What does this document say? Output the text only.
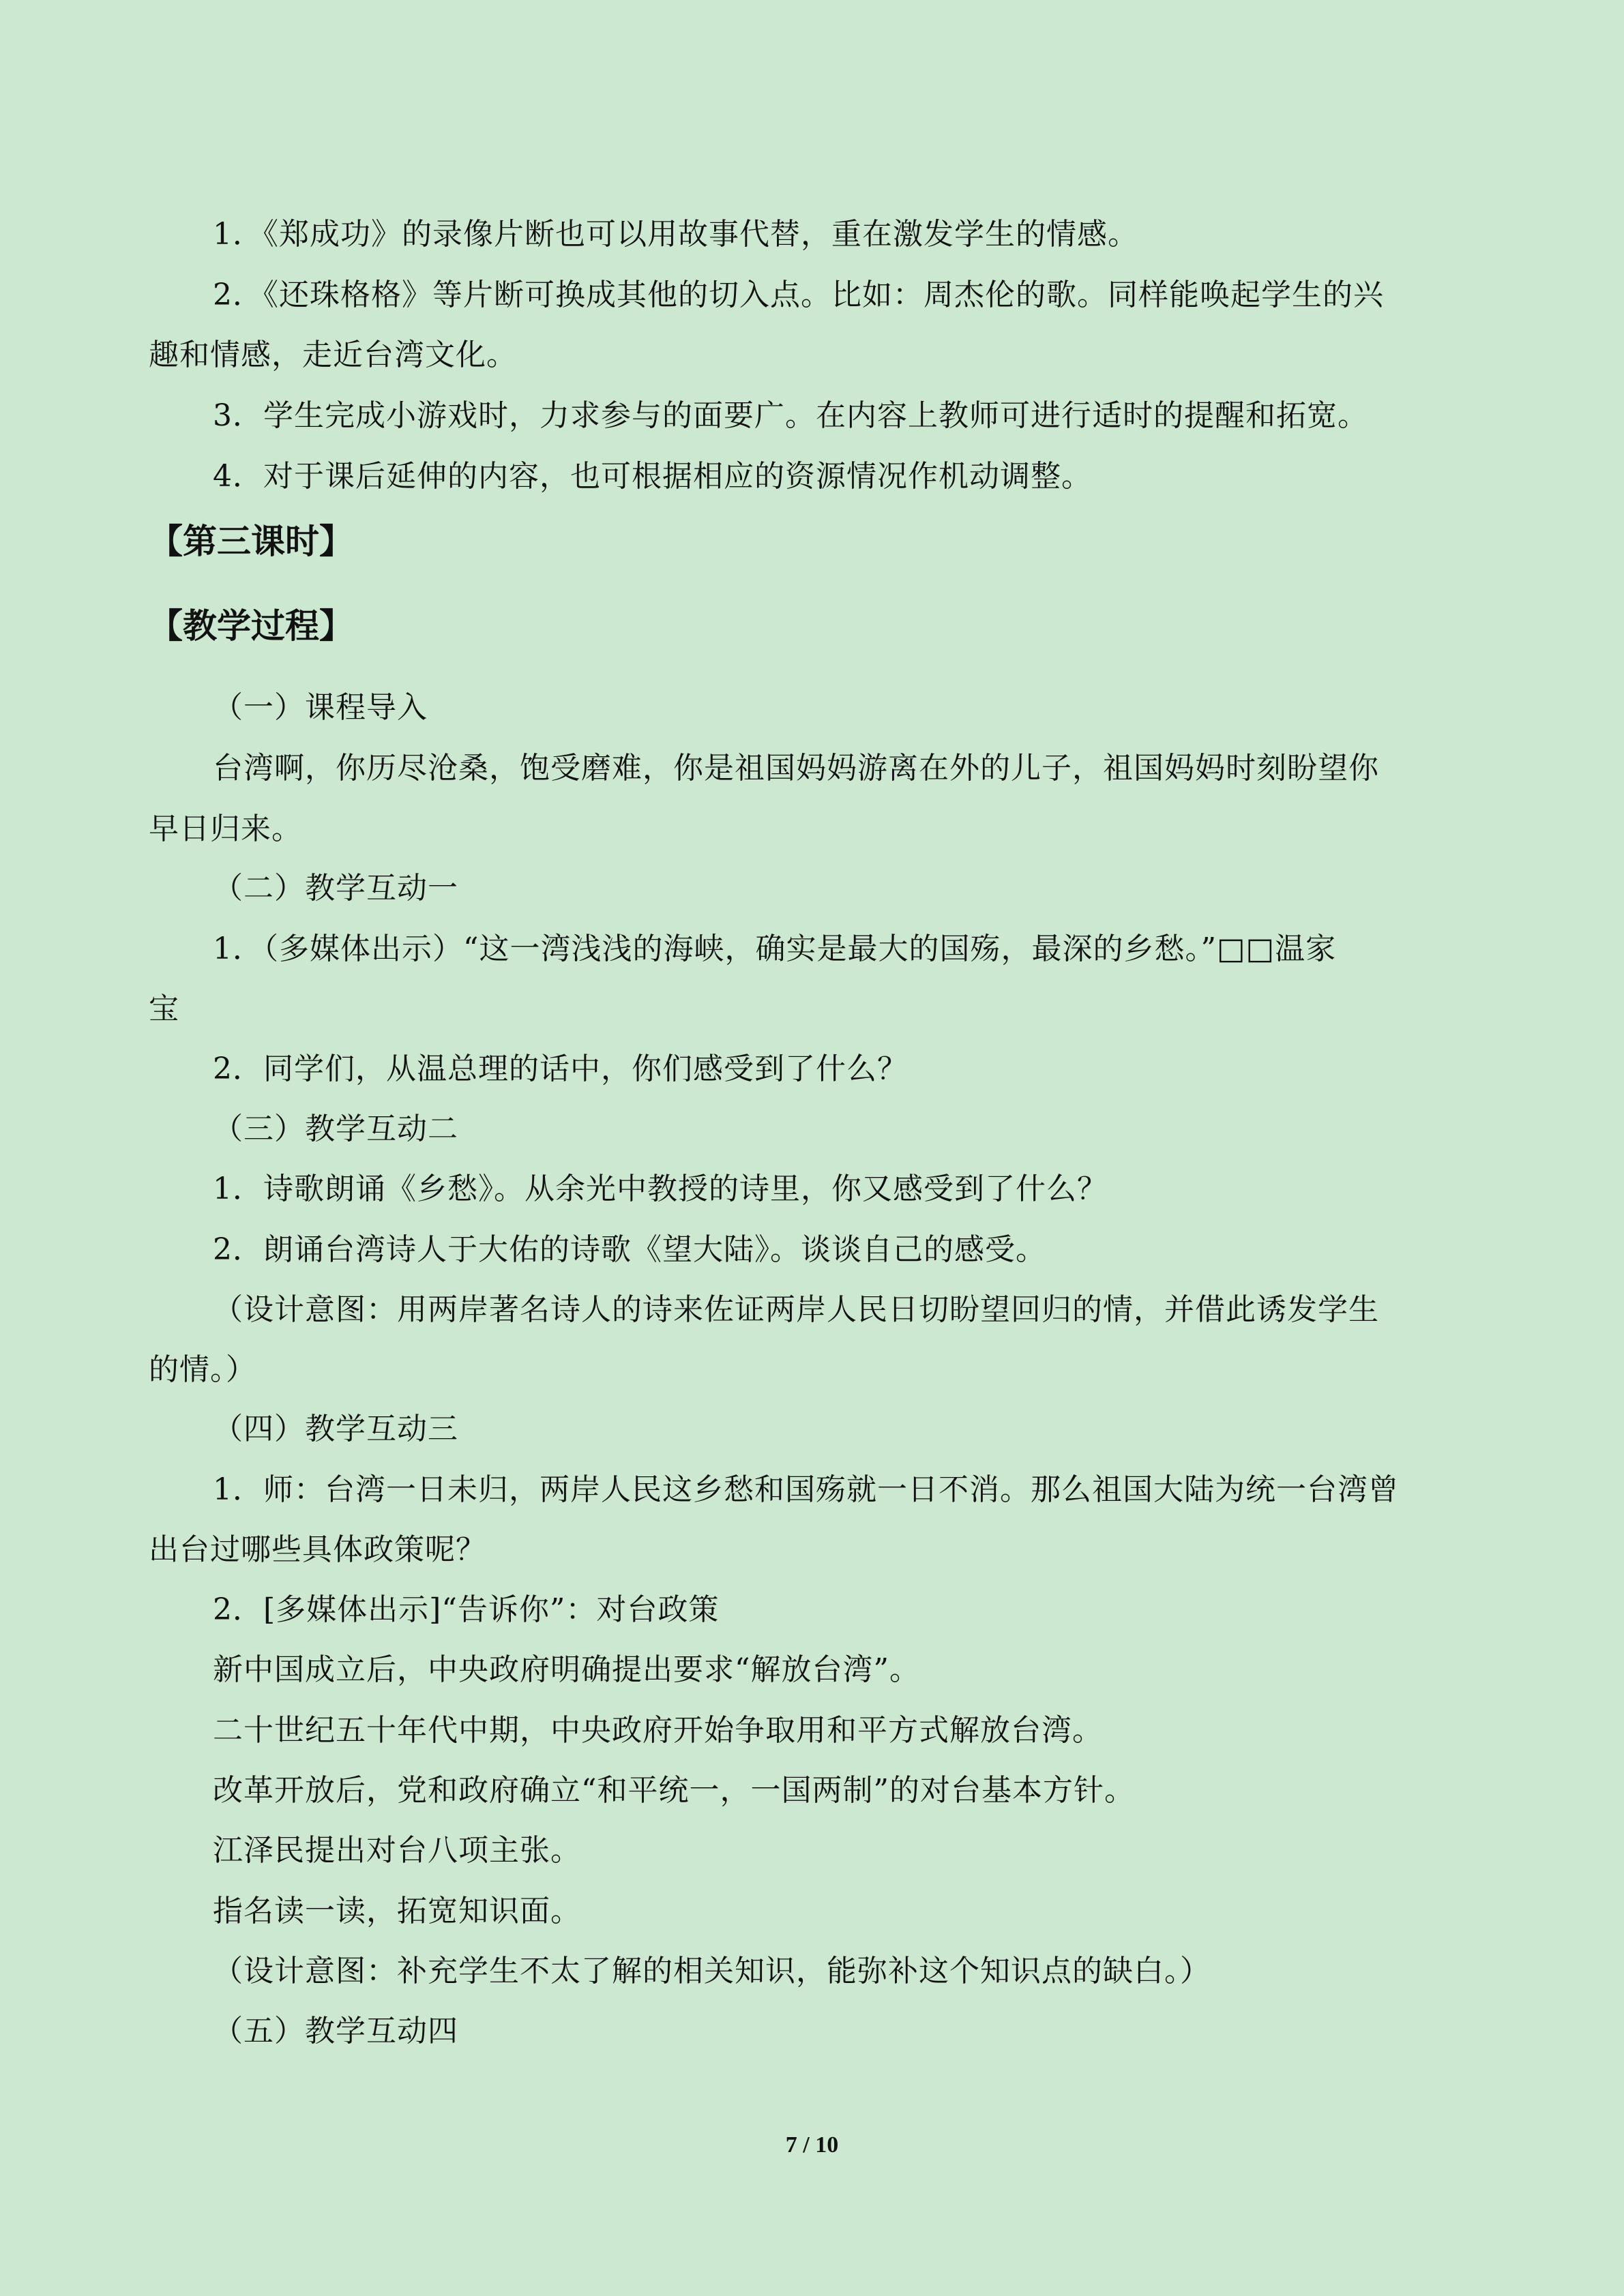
1．《郑成功》的录像片断也可以用故事代替，重在激发学生的情感。
2．《还珠格格》等片断可换成其他的切入点。比如：周杰伦的歌。同样能唤起学生的兴
趣和情感，走近台湾文化。
3．学生完成小游戏时，力求参与的面要广。在内容上教师可进行适时的提醒和拓宽。
4．对于课后延伸的内容，也可根据相应的资源情况作机动调整。
【第三课时】
【教学过程】
（一）课程导入
台湾啊，你历尽沧桑，饱受磨难，你是祖国妈妈游离在外的儿子，祖国妈妈时刻盼望你
早日归来。
（二）教学互动一
1．（多媒体出示）“这一湾浅浅的海峡，确实是最大的国殇，最深的乡愁。”□□温家
宝
2．同学们，从温总理的话中，你们感受到了什么？
（三）教学互动二
1．诗歌朗诵《乡愁》。从余光中教授的诗里，你又感受到了什么？
2．朗诵台湾诗人于大佑的诗歌《望大陆》。谈谈自己的感受。
（设计意图：用两岸著名诗人的诗来佐证两岸人民日切盼望回归的情，并借此诱发学生
的情。）
（四）教学互动三
1．师：台湾一日未归，两岸人民这乡愁和国殇就一日不消。那么祖国大陆为统一台湾曾
出台过哪些具体政策呢？
2．[多媒体出示]“告诉你”：对台政策
新中国成立后，中央政府明确提出要求“解放台湾”。
二十世纪五十年代中期，中央政府开始争取用和平方式解放台湾。
改革开放后，党和政府确立“和平统一，一国两制”的对台基本方针。
江泽民提出对台八项主张。
指名读一读，拓宽知识面。
（设计意图：补充学生不太了解的相关知识，能弥补这个知识点的缺白。）
（五）教学互动四
7 / 10
